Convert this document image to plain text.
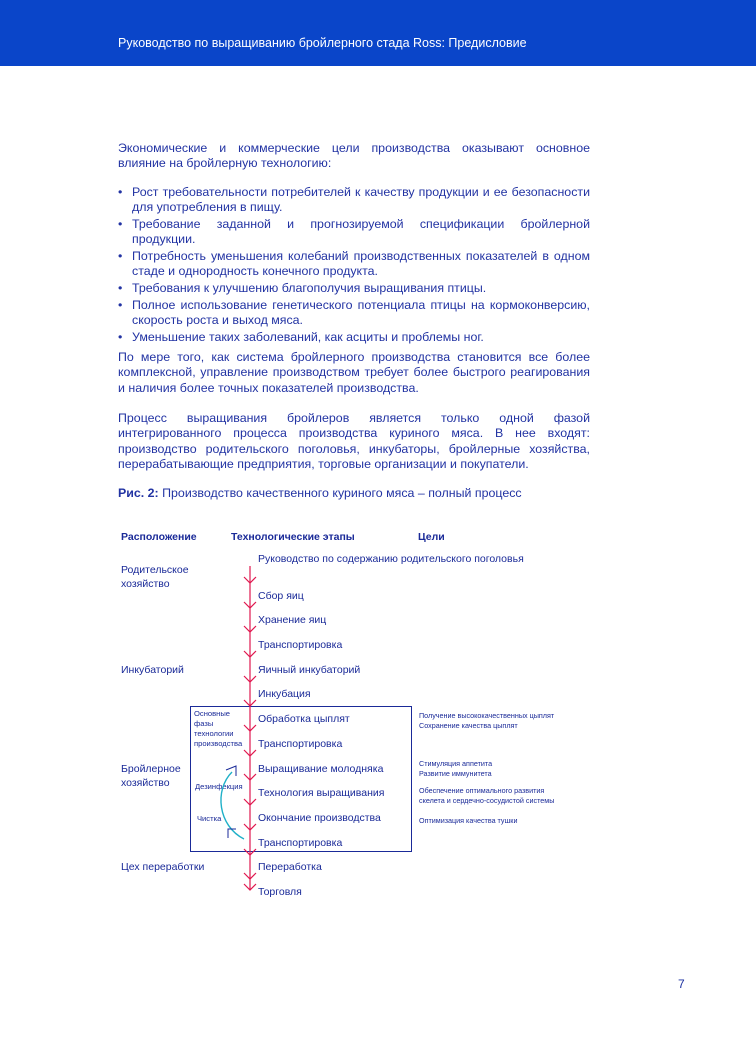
Руководство по выращиванию бройлерного стада Ross: Предисловие

Экономические и коммерческие цели производства оказывают основное влияние на бройлерную технологию:

• Рост требовательности потребителей к качеству продукции и ее безопасности для употребления в пищу.
• Требование заданной и прогнозируемой спецификации бройлерной продукции.
• Потребность уменьшения колебаний производственных показателей в одном стаде и однородность конечного продукта.
• Требования к улучшению благополучия выращивания птицы.
• Полное использование генетического потенциала птицы на кормоконверсию, скорость роста и выход мяса.
• Уменьшение таких заболеваний, как асциты и проблемы ног.

По мере того, как система бройлерного производства становится все более комплексной, управление производством требует более быстрого реагирования и наличия более точных показателей производства.

Процесс выращивания бройлеров является только одной фазой интегрированного процесса производства куриного мяса. В нее входят: производство родительского поголовья, инкубаторы, бройлерные хозяйства, перерабатывающие предприятия, торговые организации и покупатели.

Рис. 2: Производство качественного куриного мяса – полный процесс
Расположение	Технологические этапы	Цели
Родительское хозяйство
Инкубаторий
Бройлерное хозяйство
Цех переработки
Основные фазы технологии производства
Дезинфекция
Чистка
Руководство по содержанию родительского поголовья
Сбор яиц
Хранение яиц
Транспортировка
Яичный инкубаторий
Инкубация
Обработка цыплят
Транспортировка
Выращивание молодняка
Технология выращивания
Окончание производства
Транспортировка
Переработка
Торговля
Получение высококачественных цыплят
Сохранение качества цыплят
Стимуляция аппетита
Развитие иммунитета
Обеспечение оптимального развития
скелета и сердечно-сосудистой системы
Оптимизация качества тушки
7
